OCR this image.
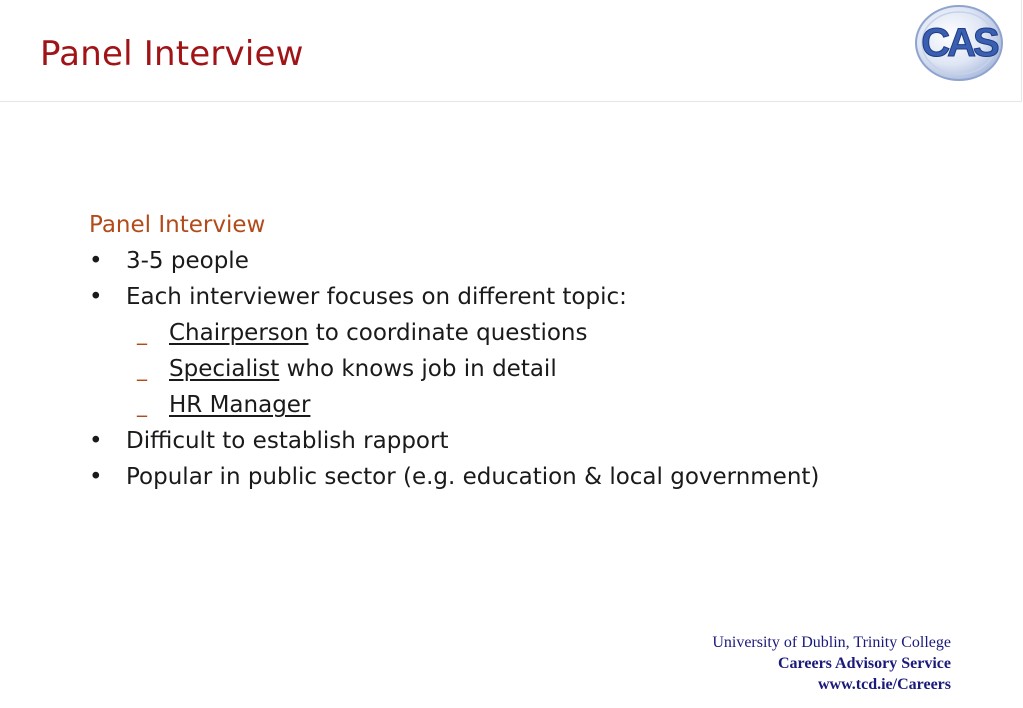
Panel Interview	CAS
Panel Interview
• 3-5 people
• Each interviewer focuses on different topic:
_ Chairperson to coordinate questions
_ Specialist who knows job in detail
_ HR Manager
• Difficult to establish rapport
• Popular in public sector (e.g. education & local government)
University of Dublin, Trinity College
Careers Advisory Service
www.tcd.ie/Careers
